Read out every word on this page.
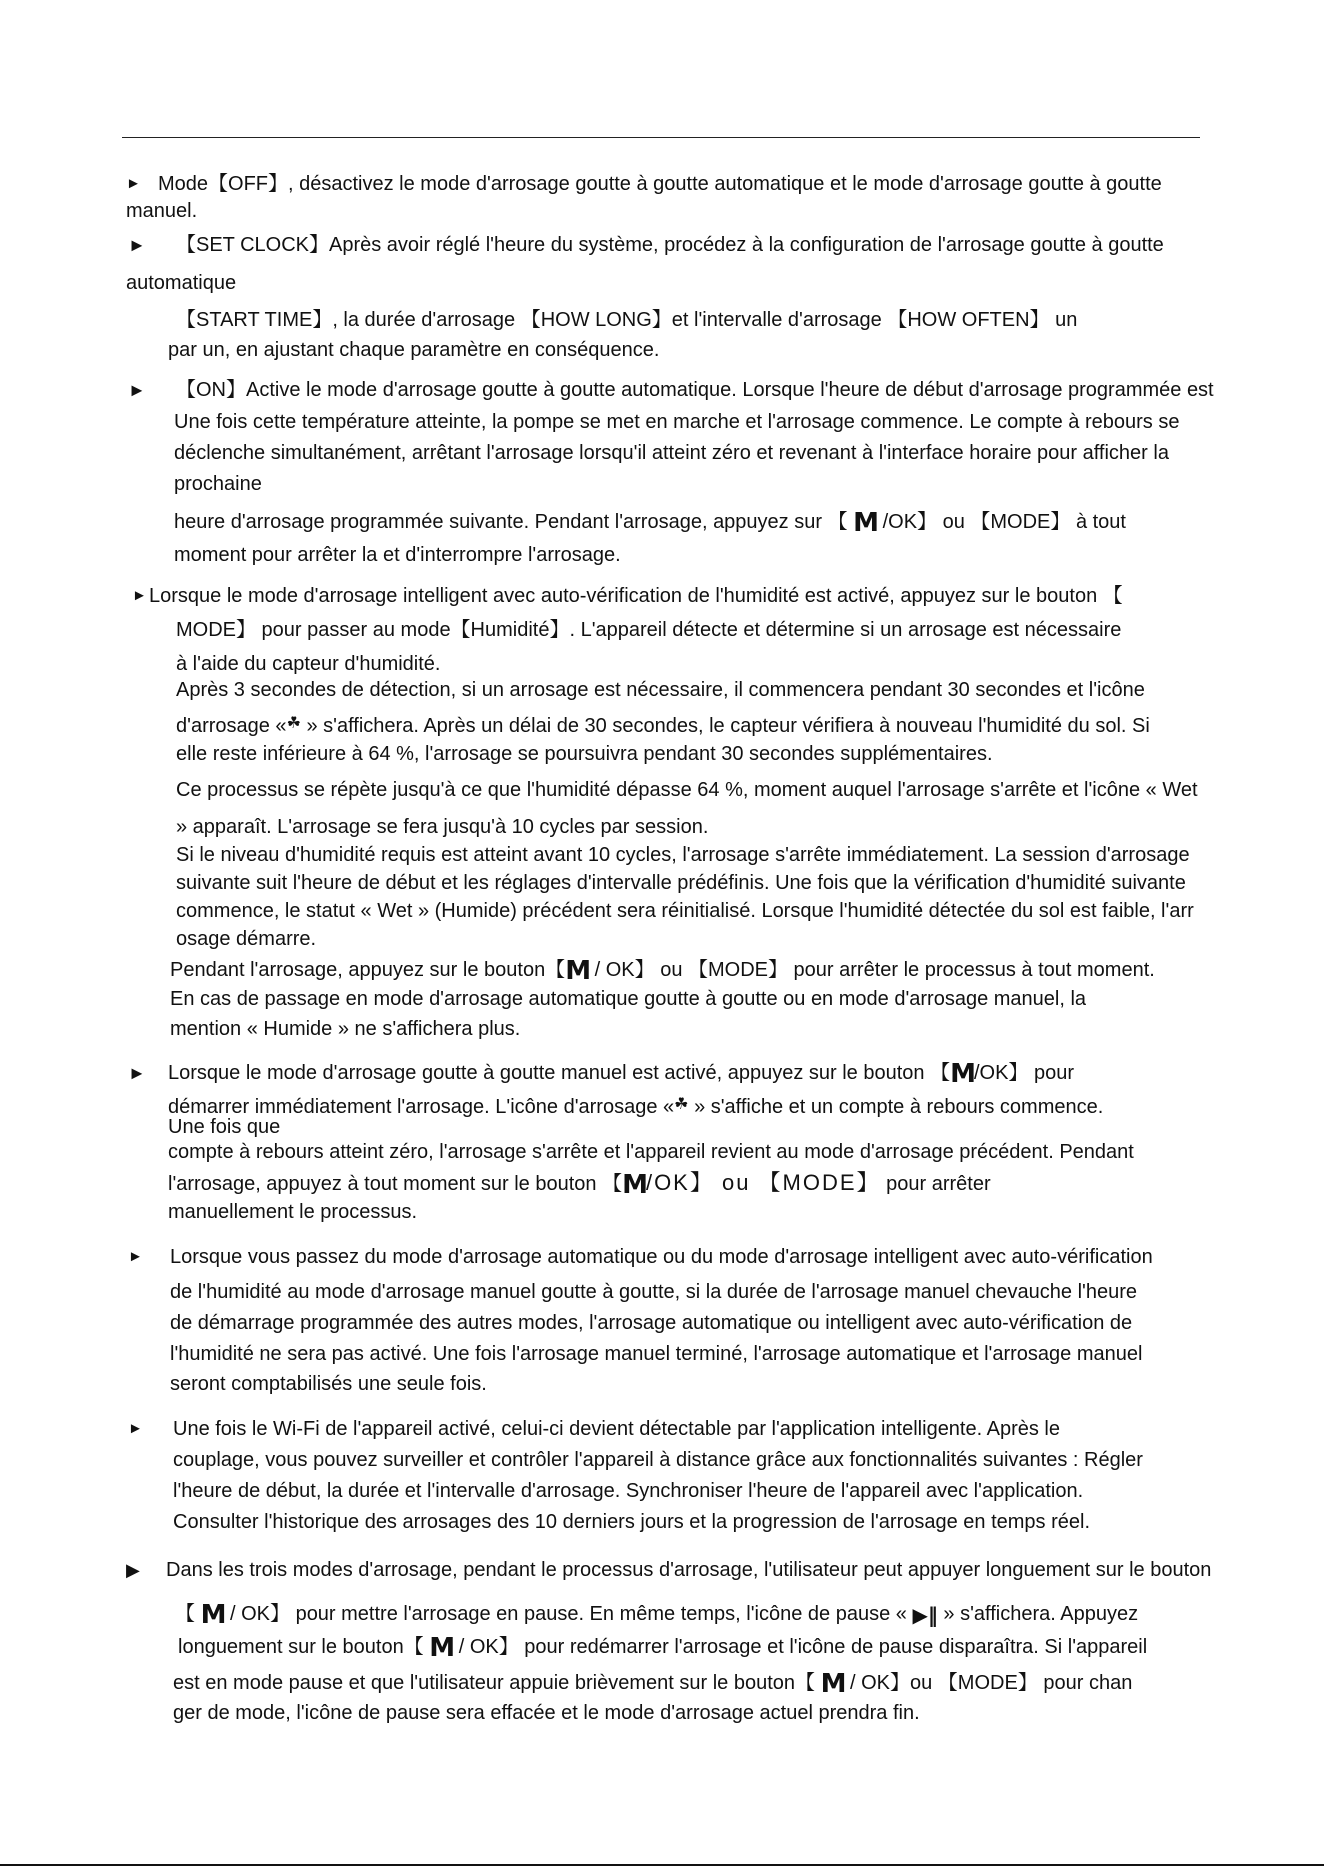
► Mode【OFF】, désactivez le mode d'arrosage goutte à goutte automatique et le mode d'arrosage goutte à goutte
manuel.
► 【SET CLOCK】Après avoir réglé l'heure du système, procédez à la configuration de l'arrosage goutte à goutte
automatique
【START TIME】, la durée d'arrosage 【HOW LONG】et l'intervalle d'arrosage 【HOW OFTEN】 un
par un, en ajustant chaque paramètre en conséquence.
► 【ON】Active le mode d'arrosage goutte à goutte automatique. Lorsque l'heure de début d'arrosage programmée est
Une fois cette température atteinte, la pompe se met en marche et l'arrosage commence. Le compte à rebours se
déclenche simultanément, arrêtant l'arrosage lorsqu'il atteint zéro et revenant à l'interface horaire pour afficher la
prochaine
heure d'arrosage programmée suivante. Pendant l'arrosage, appuyez sur 【 M /OK】 ou 【MODE】 à tout
moment pour arrêter la et d'interrompre l'arrosage.
► Lorsque le mode d'arrosage intelligent avec auto-vérification de l'humidité est activé, appuyez sur le bouton 【
MODE】 pour passer au mode【Humidité】. L'appareil détecte et détermine si un arrosage est nécessaire
à l'aide du capteur d'humidité.
Après 3 secondes de détection, si un arrosage est nécessaire, il commencera pendant 30 secondes et l'icône
d'arrosage «☘ » s'affichera. Après un délai de 30 secondes, le capteur vérifiera à nouveau l'humidité du sol. Si
elle reste inférieure à 64 %, l'arrosage se poursuivra pendant 30 secondes supplémentaires.
Ce processus se répète jusqu'à ce que l'humidité dépasse 64 %, moment auquel l'arrosage s'arrête et l'icône « Wet
» apparaît. L'arrosage se fera jusqu'à 10 cycles par session.
Si le niveau d'humidité requis est atteint avant 10 cycles, l'arrosage s'arrête immédiatement. La session d'arrosage
suivante suit l'heure de début et les réglages d'intervalle prédéfinis. Une fois que la vérification d'humidité suivante
commence, le statut « Wet » (Humide) précédent sera réinitialisé. Lorsque l'humidité détectée du sol est faible, l'arr
osage démarre.
Pendant l'arrosage, appuyez sur le bouton【M / OK】 ou 【MODE】 pour arrêter le processus à tout moment.
En cas de passage en mode d'arrosage automatique goutte à goutte ou en mode d'arrosage manuel, la
mention « Humide » ne s'affichera plus.
► Lorsque le mode d'arrosage goutte à goutte manuel est activé, appuyez sur le bouton 【M/OK】 pour
démarrer immédiatement l'arrosage. L'icône d'arrosage «☘ » s'affiche et un compte à rebours commence.
Une fois que
compte à rebours atteint zéro, l'arrosage s'arrête et l'appareil revient au mode d'arrosage précédent. Pendant
l'arrosage, appuyez à tout moment sur le bouton 【M/OK】 ou 【MODE】 pour arrêter
manuellement le processus.
► Lorsque vous passez du mode d'arrosage automatique ou du mode d'arrosage intelligent avec auto-vérification
de l'humidité au mode d'arrosage manuel goutte à goutte, si la durée de l'arrosage manuel chevauche l'heure
de démarrage programmée des autres modes, l'arrosage automatique ou intelligent avec auto-vérification de
l'humidité ne sera pas activé. Une fois l'arrosage manuel terminé, l'arrosage automatique et l'arrosage manuel
seront comptabilisés une seule fois.
► Une fois le Wi-Fi de l'appareil activé, celui-ci devient détectable par l'application intelligente. Après le
couplage, vous pouvez surveiller et contrôler l'appareil à distance grâce aux fonctionnalités suivantes : Régler
l'heure de début, la durée et l'intervalle d'arrosage. Synchroniser l'heure de l'appareil avec l'application.
Consulter l'historique des arrosages des 10 derniers jours et la progression de l'arrosage en temps réel.
▶ Dans les trois modes d'arrosage, pendant le processus d'arrosage, l'utilisateur peut appuyer longuement sur le bouton
【 M / OK】 pour mettre l'arrosage en pause. En même temps, l'icône de pause « ▶‖ » s'affichera. Appuyez
longuement sur le bouton【 M / OK】 pour redémarrer l'arrosage et l'icône de pause disparaîtra. Si l'appareil
est en mode pause et que l'utilisateur appuie brièvement sur le bouton【 M / OK】ou 【MODE】 pour chan
ger de mode, l'icône de pause sera effacée et le mode d'arrosage actuel prendra fin.
